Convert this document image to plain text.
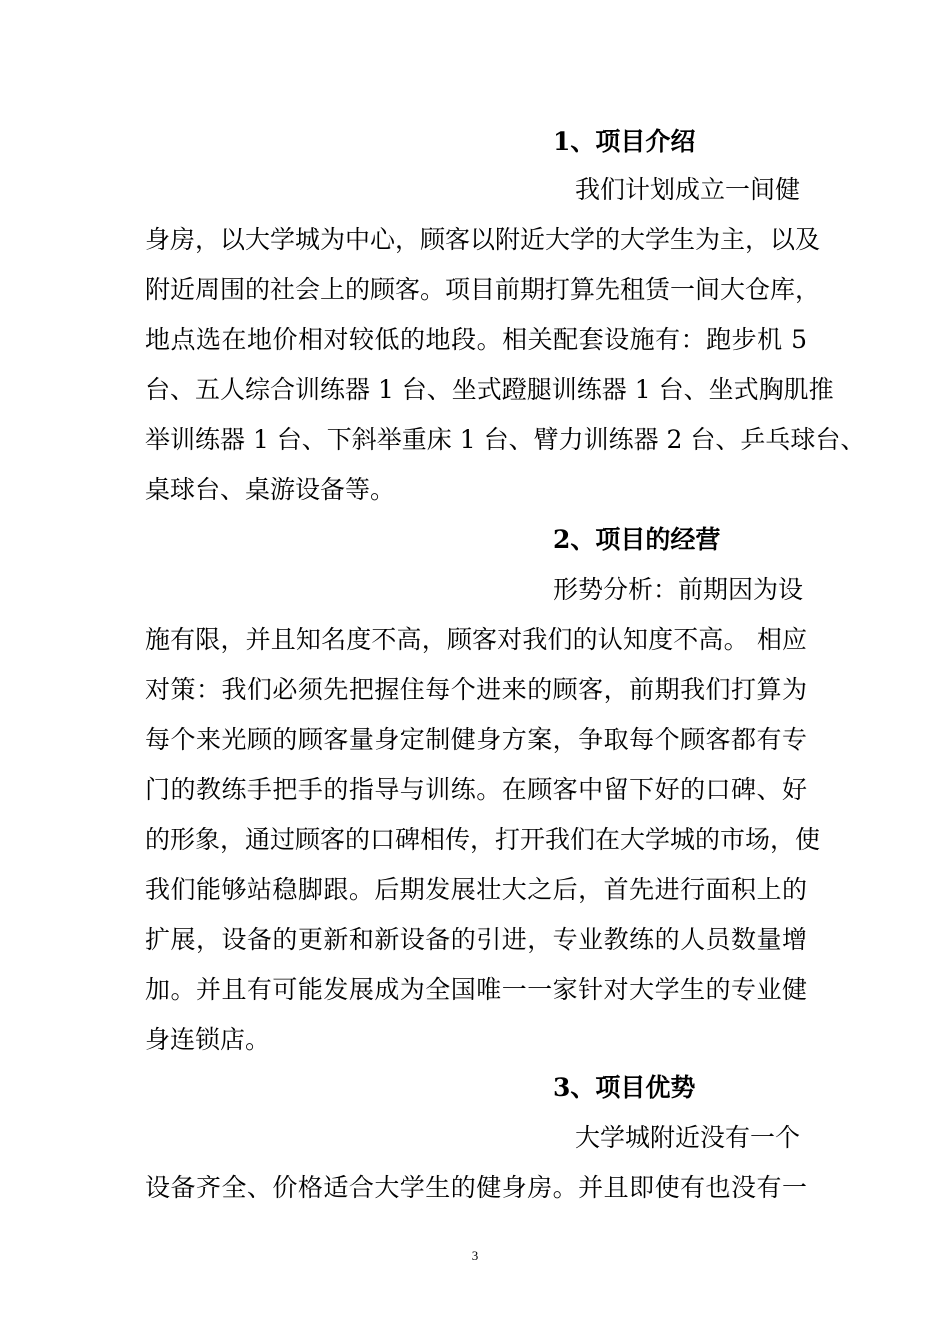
1、项目介绍
我们计划成立一间健
身房，以大学城为中心，顾客以附近大学的大学生为主，以及
附近周围的社会上的顾客。项目前期打算先租赁一间大仓库，
地点选在地价相对较低的地段。相关配套设施有：跑步机 5
台、五人综合训练器 1 台、坐式蹬腿训练器 1 台、坐式胸肌推
举训练器 1 台、下斜举重床 1 台、臂力训练器 2 台、乒乓球台、
桌球台、桌游设备等。
2、项目的经营
形势分析：前期因为设
施有限，并且知名度不高，顾客对我们的认知度不高。 相应
对策：我们必须先把握住每个进来的顾客，前期我们打算为
每个来光顾的顾客量身定制健身方案，争取每个顾客都有专
门的教练手把手的指导与训练。在顾客中留下好的口碑、好
的形象，通过顾客的口碑相传，打开我们在大学城的市场，使
我们能够站稳脚跟。后期发展壮大之后，首先进行面积上的
扩展，设备的更新和新设备的引进，专业教练的人员数量增
加。并且有可能发展成为全国唯一一家针对大学生的专业健
身连锁店。
3、项目优势
大学城附近没有一个
设备齐全、价格适合大学生的健身房。并且即使有也没有一
3
